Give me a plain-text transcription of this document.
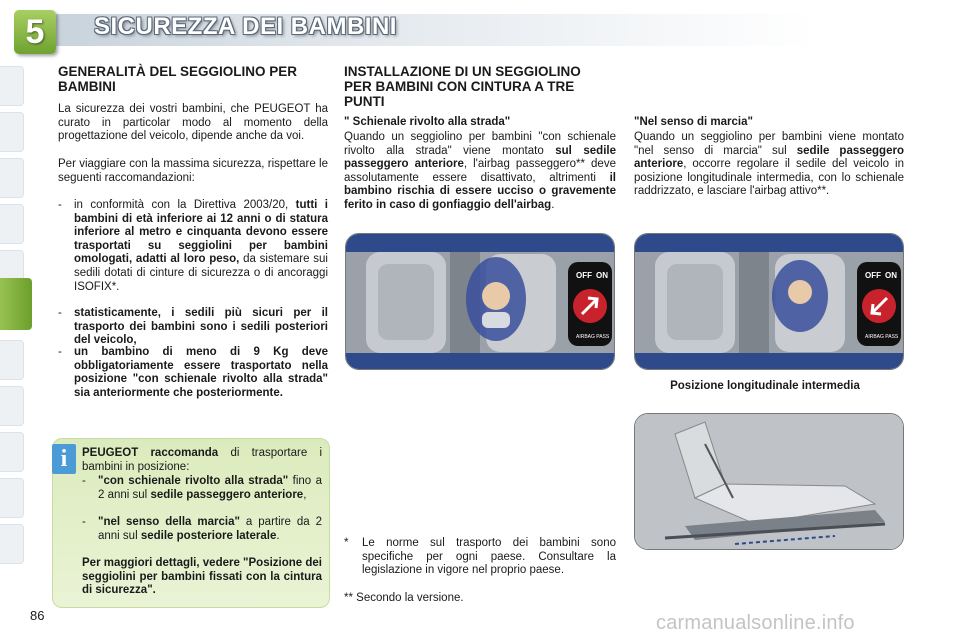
5	SICUREZZA DEI BAMBINI
GENERALITÀ DEL SEGGIOLINO PER BAMBINI
La sicurezza dei vostri bambini, che PEUGEOT ha curato in particolar modo al momento della progettazione del veicolo, dipende anche da voi.
Per viaggiare con la massima sicurezza, rispettare le seguenti raccomandazioni:
- in conformità con la Direttiva 2003/20, tutti i bambini di età inferiore ai 12 anni o di statura inferiore al metro e cinquanta devono essere trasportati su seggiolini per bambini omologati, adatti al loro peso, da sistemare sui sedili dotati di cinture di sicurezza o di ancoraggi ISOFIX*.
- statisticamente, i sedili più sicuri per il trasporto dei bambini sono i sedili posteriori del veicolo,
- un bambino di meno di 9 Kg deve obbligatoriamente essere trasportato nella posizione "con schienale rivolto alla strada" sia anteriormente che posteriormente.
i	PEUGEOT raccomanda di trasportare i bambini in posizione:
- "con schienale rivolto alla strada" fino a 2 anni sul sedile passeggero anteriore,
- "nel senso della marcia" a partire da 2 anni sul sedile posteriore laterale.
Per maggiori dettagli, vedere "Posizione dei seggiolini per bambini fissati con la cintura di sicurezza".
INSTALLAZIONE DI UN SEGGIOLINO PER BAMBINI CON CINTURA A TRE PUNTI
" Schienale rivolto alla strada"
Quando un seggiolino per bambini "con schienale rivolto alla strada" viene montato sul sedile passeggero anteriore, l'airbag passeggero** deve assolutamente essere disattivato, altrimenti il bambino rischia di essere ucciso o gravemente ferito in caso di gonfiaggio dell'airbag.
"Nel senso di marcia"
Quando un seggiolino per bambini viene montato "nel senso di marcia" sul sedile passeggero anteriore, occorre regolare il sedile del veicolo in posizione longitudinale intermedia, con lo schienale raddrizzato, e lasciare l'airbag attivo**.
OFF ON
AIRBAG PASS
OFF ON
AIRBAG PASS
Posizione longitudinale intermedia
* Le norme sul trasporto dei bambini sono specifiche per ogni paese. Consultare la legislazione in vigore nel proprio paese.
** Secondo la versione.
86	carmanualsonline.info
